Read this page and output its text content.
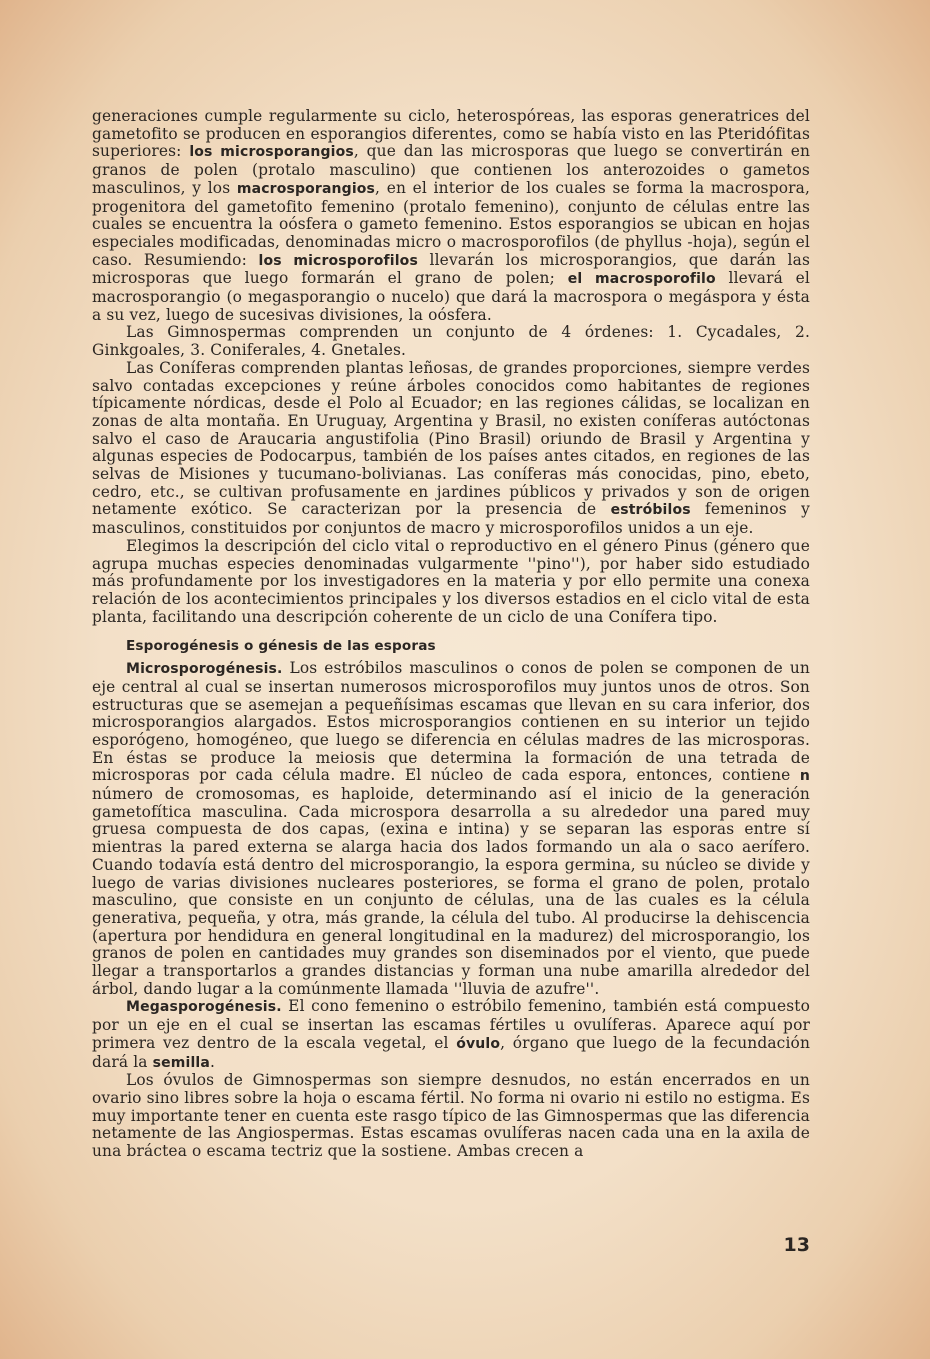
generaciones cumple regularmente su ciclo, heterospóreas, las esporas generatrices del gametofito se producen en esporangios diferentes, como se había visto en las Pteridófitas superiores: los microsporangios, que dan las microsporas que luego se convertirán en granos de polen (protalo masculino) que contienen los anterozoides o gametos masculinos, y los macrosporangios, en el interior de los cuales se forma la macrospora, progenitora del gametofito femenino (protalo femenino), conjunto de células entre las cuales se encuentra la oósfera o gameto femenino. Estos esporangios se ubican en hojas especiales modificadas, denominadas micro o macrosporofilos (de phyllus -hoja), según el caso. Resumiendo: los microsporofilos llevarán los microsporangios, que darán las microsporas que luego formarán el grano de polen; el macrosporofilo llevará el macrosporangio (o megasporangio o nucelo) que dará la macrospora o megáspora y ésta a su vez, luego de sucesivas divisiones, la oósfera.

Las Gimnospermas comprenden un conjunto de 4 órdenes: 1. Cycadales, 2. Ginkgoales, 3. Coniferales, 4. Gnetales.

Las Coníferas comprenden plantas leñosas, de grandes proporciones, siempre verdes salvo contadas excepciones y reúne árboles conocidos como habitantes de regiones típicamente nórdicas, desde el Polo al Ecuador; en las regiones cálidas, se localizan en zonas de alta montaña. En Uruguay, Argentina y Brasil, no existen coníferas autóctonas salvo el caso de Araucaria angustifolia (Pino Brasil) oriundo de Brasil y Argentina y algunas especies de Podocarpus, también de los países antes citados, en regiones de las selvas de Misiones y tucumano-bolivianas. Las coníferas más conocidas, pino, ebeto, cedro, etc., se cultivan profusamente en jardines públicos y privados y son de origen netamente exótico. Se caracterizan por la presencia de estróbilos femeninos y masculinos, constituidos por conjuntos de macro y microsporofilos unidos a un eje.

Elegimos la descripción del ciclo vital o reproductivo en el género Pinus (género que agrupa muchas especies denominadas vulgarmente ''pino''), por haber sido estudiado más profundamente por los investigadores en la materia y por ello permite una conexa relación de los acontecimientos principales y los diversos estadios en el ciclo vital de esta planta, facilitando una descripción coherente de un ciclo de una Conífera tipo.

Esporogénesis o génesis de las esporas

Microsporogénesis. Los estróbilos masculinos o conos de polen se componen de un eje central al cual se insertan numerosos microsporofilos muy juntos unos de otros. Son estructuras que se asemejan a pequeñísimas escamas que llevan en su cara inferior, dos microsporangios alargados. Estos microsporangios contienen en su interior un tejido esporógeno, homogéneo, que luego se diferencia en células madres de las microsporas. En éstas se produce la meiosis que determina la formación de una tetrada de microsporas por cada célula madre. El núcleo de cada espora, entonces, contiene n número de cromosomas, es haploide, determinando así el inicio de la generación gametofítica masculina. Cada microspora desarrolla a su alrededor una pared muy gruesa compuesta de dos capas, (exina e intina) y se separan las esporas entre sí mientras la pared externa se alarga hacia dos lados formando un ala o saco aerífero. Cuando todavía está dentro del microsporangio, la espora germina, su núcleo se divide y luego de varias divisiones nucleares posteriores, se forma el grano de polen, protalo masculino, que consiste en un conjunto de células, una de las cuales es la célula generativa, pequeña, y otra, más grande, la célula del tubo. Al producirse la dehiscencia (apertura por hendidura en general longitudinal en la madurez) del microsporangio, los granos de polen en cantidades muy grandes son diseminados por el viento, que puede llegar a transportarlos a grandes distancias y forman una nube amarilla alrededor del árbol, dando lugar a la comúnmente llamada ''lluvia de azufre''.

Megasporogénesis. El cono femenino o estróbilo femenino, también está compuesto por un eje en el cual se insertan las escamas fértiles u ovulíferas. Aparece aquí por primera vez dentro de la escala vegetal, el óvulo, órgano que luego de la fecundación dará la semilla.

Los óvulos de Gimnospermas son siempre desnudos, no están encerrados en un ovario sino libres sobre la hoja o escama fértil. No forma ni ovario ni estilo no estigma. Es muy importante tener en cuenta este rasgo típico de las Gimnospermas que las diferencia netamente de las Angiospermas. Estas escamas ovulíferas nacen cada una en la axila de una bráctea o escama tectriz que la sostiene. Ambas crecen a

13
